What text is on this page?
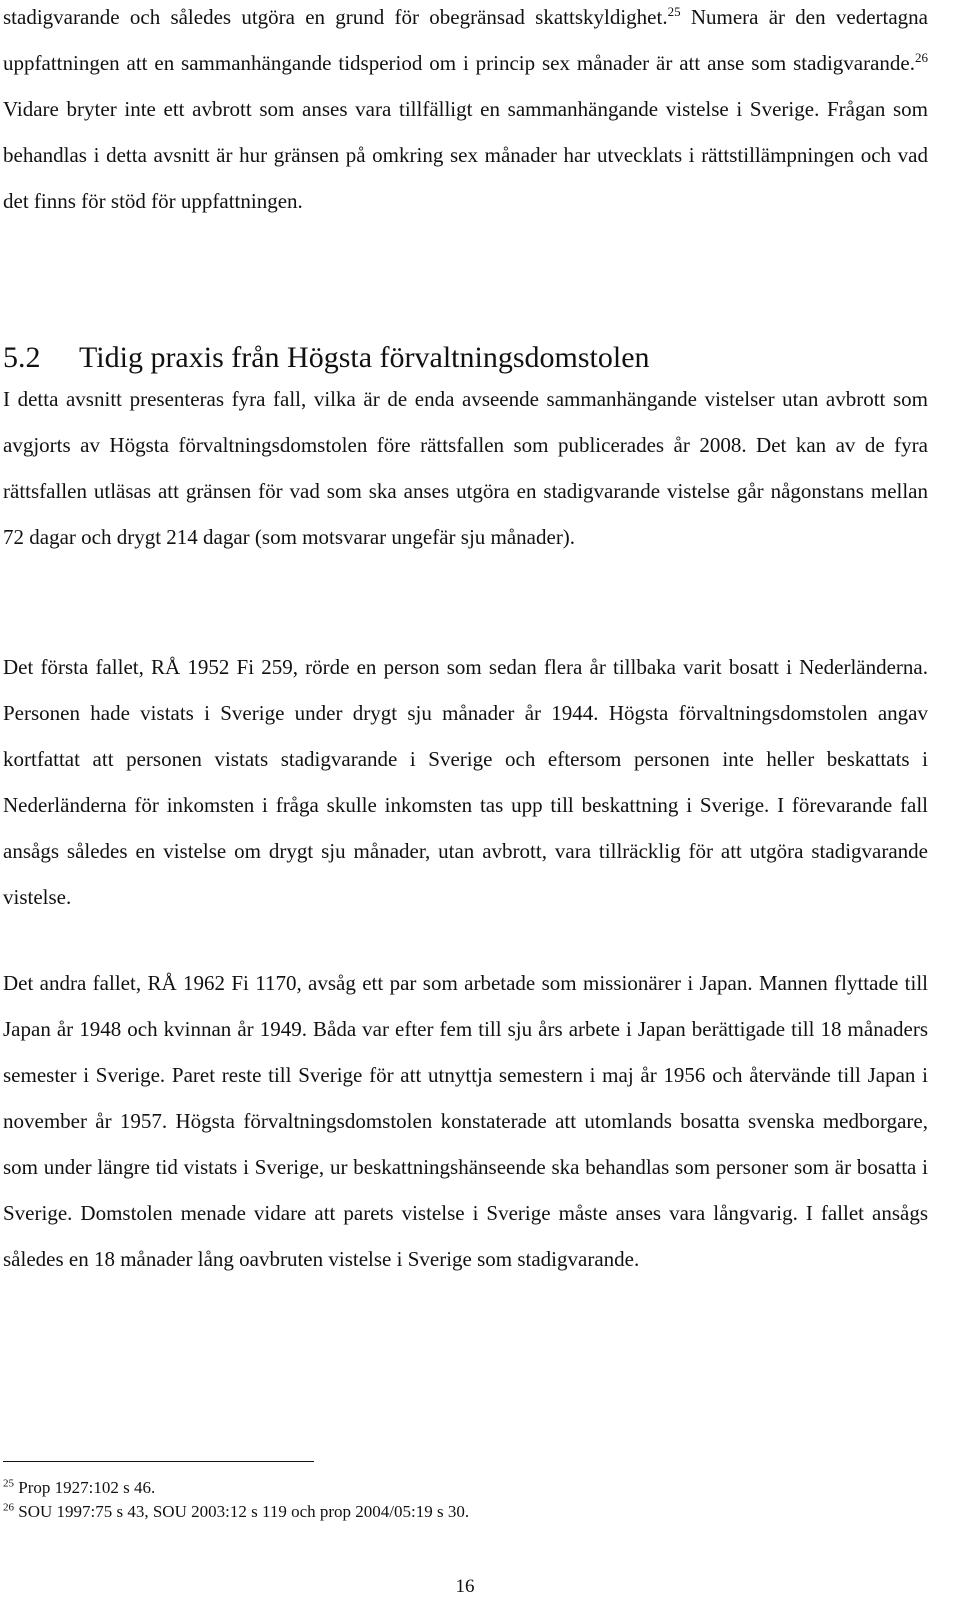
stadigvarande och således utgöra en grund för obegränsad skattskyldighet.$^{25}$ Numera är den vedertagna uppfattningen att en sammanhängande tidsperiod om i princip sex månader är att anse som stadigvarande.$^{26}$ Vidare bryter inte ett avbrott som anses vara tillfälligt en sammanhängande vistelse i Sverige. Frågan som behandlas i detta avsnitt är hur gränsen på omkring sex månader har utvecklats i rättstillämpningen och vad det finns för stöd för uppfattningen.

5.2 Tidig praxis från Högsta förvaltningsdomstolen

I detta avsnitt presenteras fyra fall, vilka är de enda avseende sammanhängande vistelser utan avbrott som avgjorts av Högsta förvaltningsdomstolen före rättsfallen som publicerades år 2008. Det kan av de fyra rättsfallen utläsas att gränsen för vad som ska anses utgöra en stadigvarande vistelse går någonstans mellan 72 dagar och drygt 214 dagar (som motsvarar ungefär sju månader).

Det första fallet, RÅ 1952 Fi 259, rörde en person som sedan flera år tillbaka varit bosatt i Nederländerna. Personen hade vistats i Sverige under drygt sju månader år 1944. Högsta förvaltningsdomstolen angav kortfattat att personen vistats stadigvarande i Sverige och eftersom personen inte heller beskattats i Nederländerna för inkomsten i fråga skulle inkomsten tas upp till beskattning i Sverige. I förevarande fall ansågs således en vistelse om drygt sju månader, utan avbrott, vara tillräcklig för att utgöra stadigvarande vistelse.

Det andra fallet, RÅ 1962 Fi 1170, avsåg ett par som arbetade som missionärer i Japan. Mannen flyttade till Japan år 1948 och kvinnan år 1949. Båda var efter fem till sju års arbete i Japan berättigade till 18 månaders semester i Sverige. Paret reste till Sverige för att utnyttja semestern i maj år 1956 och återvände till Japan i november år 1957. Högsta förvaltningsdomstolen konstaterade att utomlands bosatta svenska medborgare, som under längre tid vistats i Sverige, ur beskattningshänseende ska behandlas som personer som är bosatta i Sverige. Domstolen menade vidare att parets vistelse i Sverige måste anses vara långvarig. I fallet ansågs således en 18 månader lång oavbruten vistelse i Sverige som stadigvarande.

$^{25}$ Prop 1927:102 s 46.

$^{26}$ SOU 1997:75 s 43, SOU 2003:12 s 119 och prop 2004/05:19 s 30.

16
